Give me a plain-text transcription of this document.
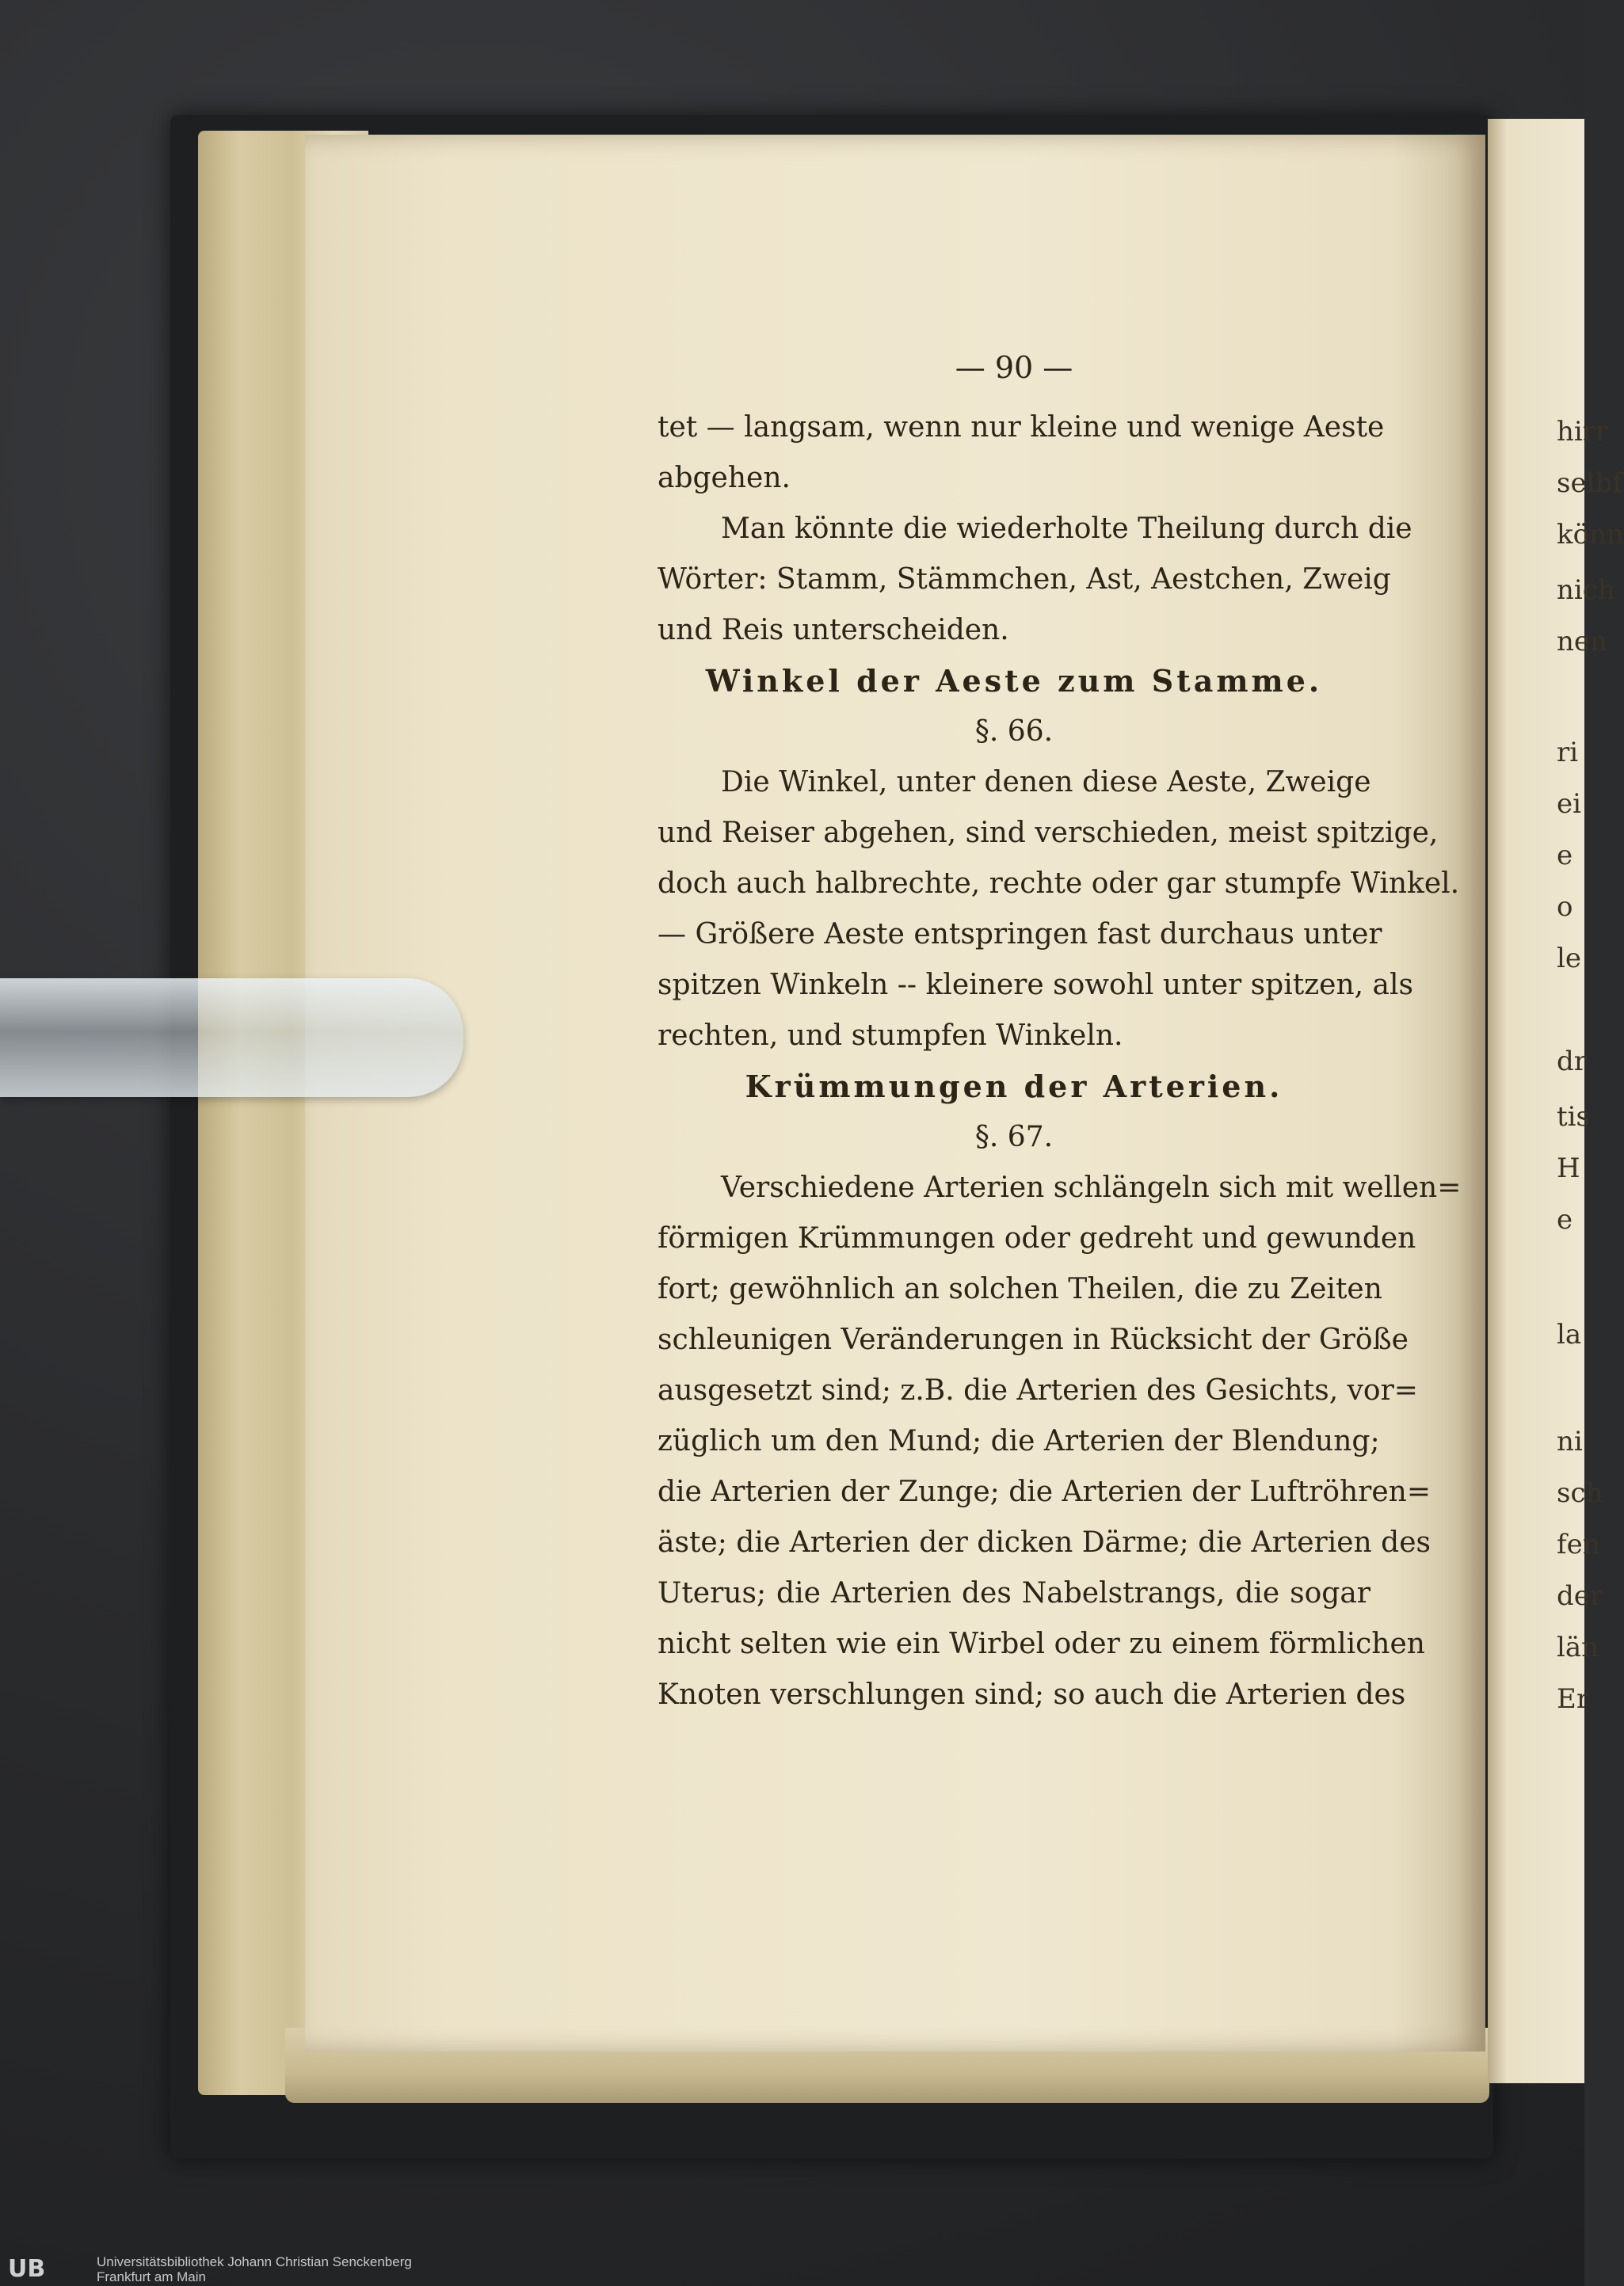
hirr
selbf
könn
nich
nen
ri
ei
e
o
le
dr
tis
H
e
la
ni
sch
fen
der
län
Er
— 90 —
tet — langsam, wenn nur kleine und wenige Aeste
abgehen.
Man könnte die wiederholte Theilung durch die
Wörter: Stamm, Stämmchen, Ast, Aestchen, Zweig
und Reis unterscheiden.
Winkel der Aeste zum Stamme.
§. 66.
Die Winkel, unter denen diese Aeste, Zweige
und Reiser abgehen, sind verschieden, meist spitzige,
doch auch halbrechte, rechte oder gar stumpfe Winkel.
— Größere Aeste entspringen fast durchaus unter
spitzen Winkeln -- kleinere sowohl unter spitzen, als
rechten, und stumpfen Winkeln.
Krümmungen der Arterien.
§. 67.
Verschiedene Arterien schlängeln sich mit wellen=
förmigen Krümmungen oder gedreht und gewunden
fort; gewöhnlich an solchen Theilen, die zu Zeiten
schleunigen Veränderungen in Rücksicht der Größe
ausgesetzt sind; z.B. die Arterien des Gesichts, vor=
züglich um den Mund; die Arterien der Blendung;
die Arterien der Zunge; die Arterien der Luftröhren=
äste; die Arterien der dicken Därme; die Arterien des
Uterus; die Arterien des Nabelstrangs, die sogar
nicht selten wie ein Wirbel oder zu einem förmlichen
Knoten verschlungen sind; so auch die Arterien des
UB	Universitätsbibliothek Johann Christian Senckenberg
Frankfurt am Main
